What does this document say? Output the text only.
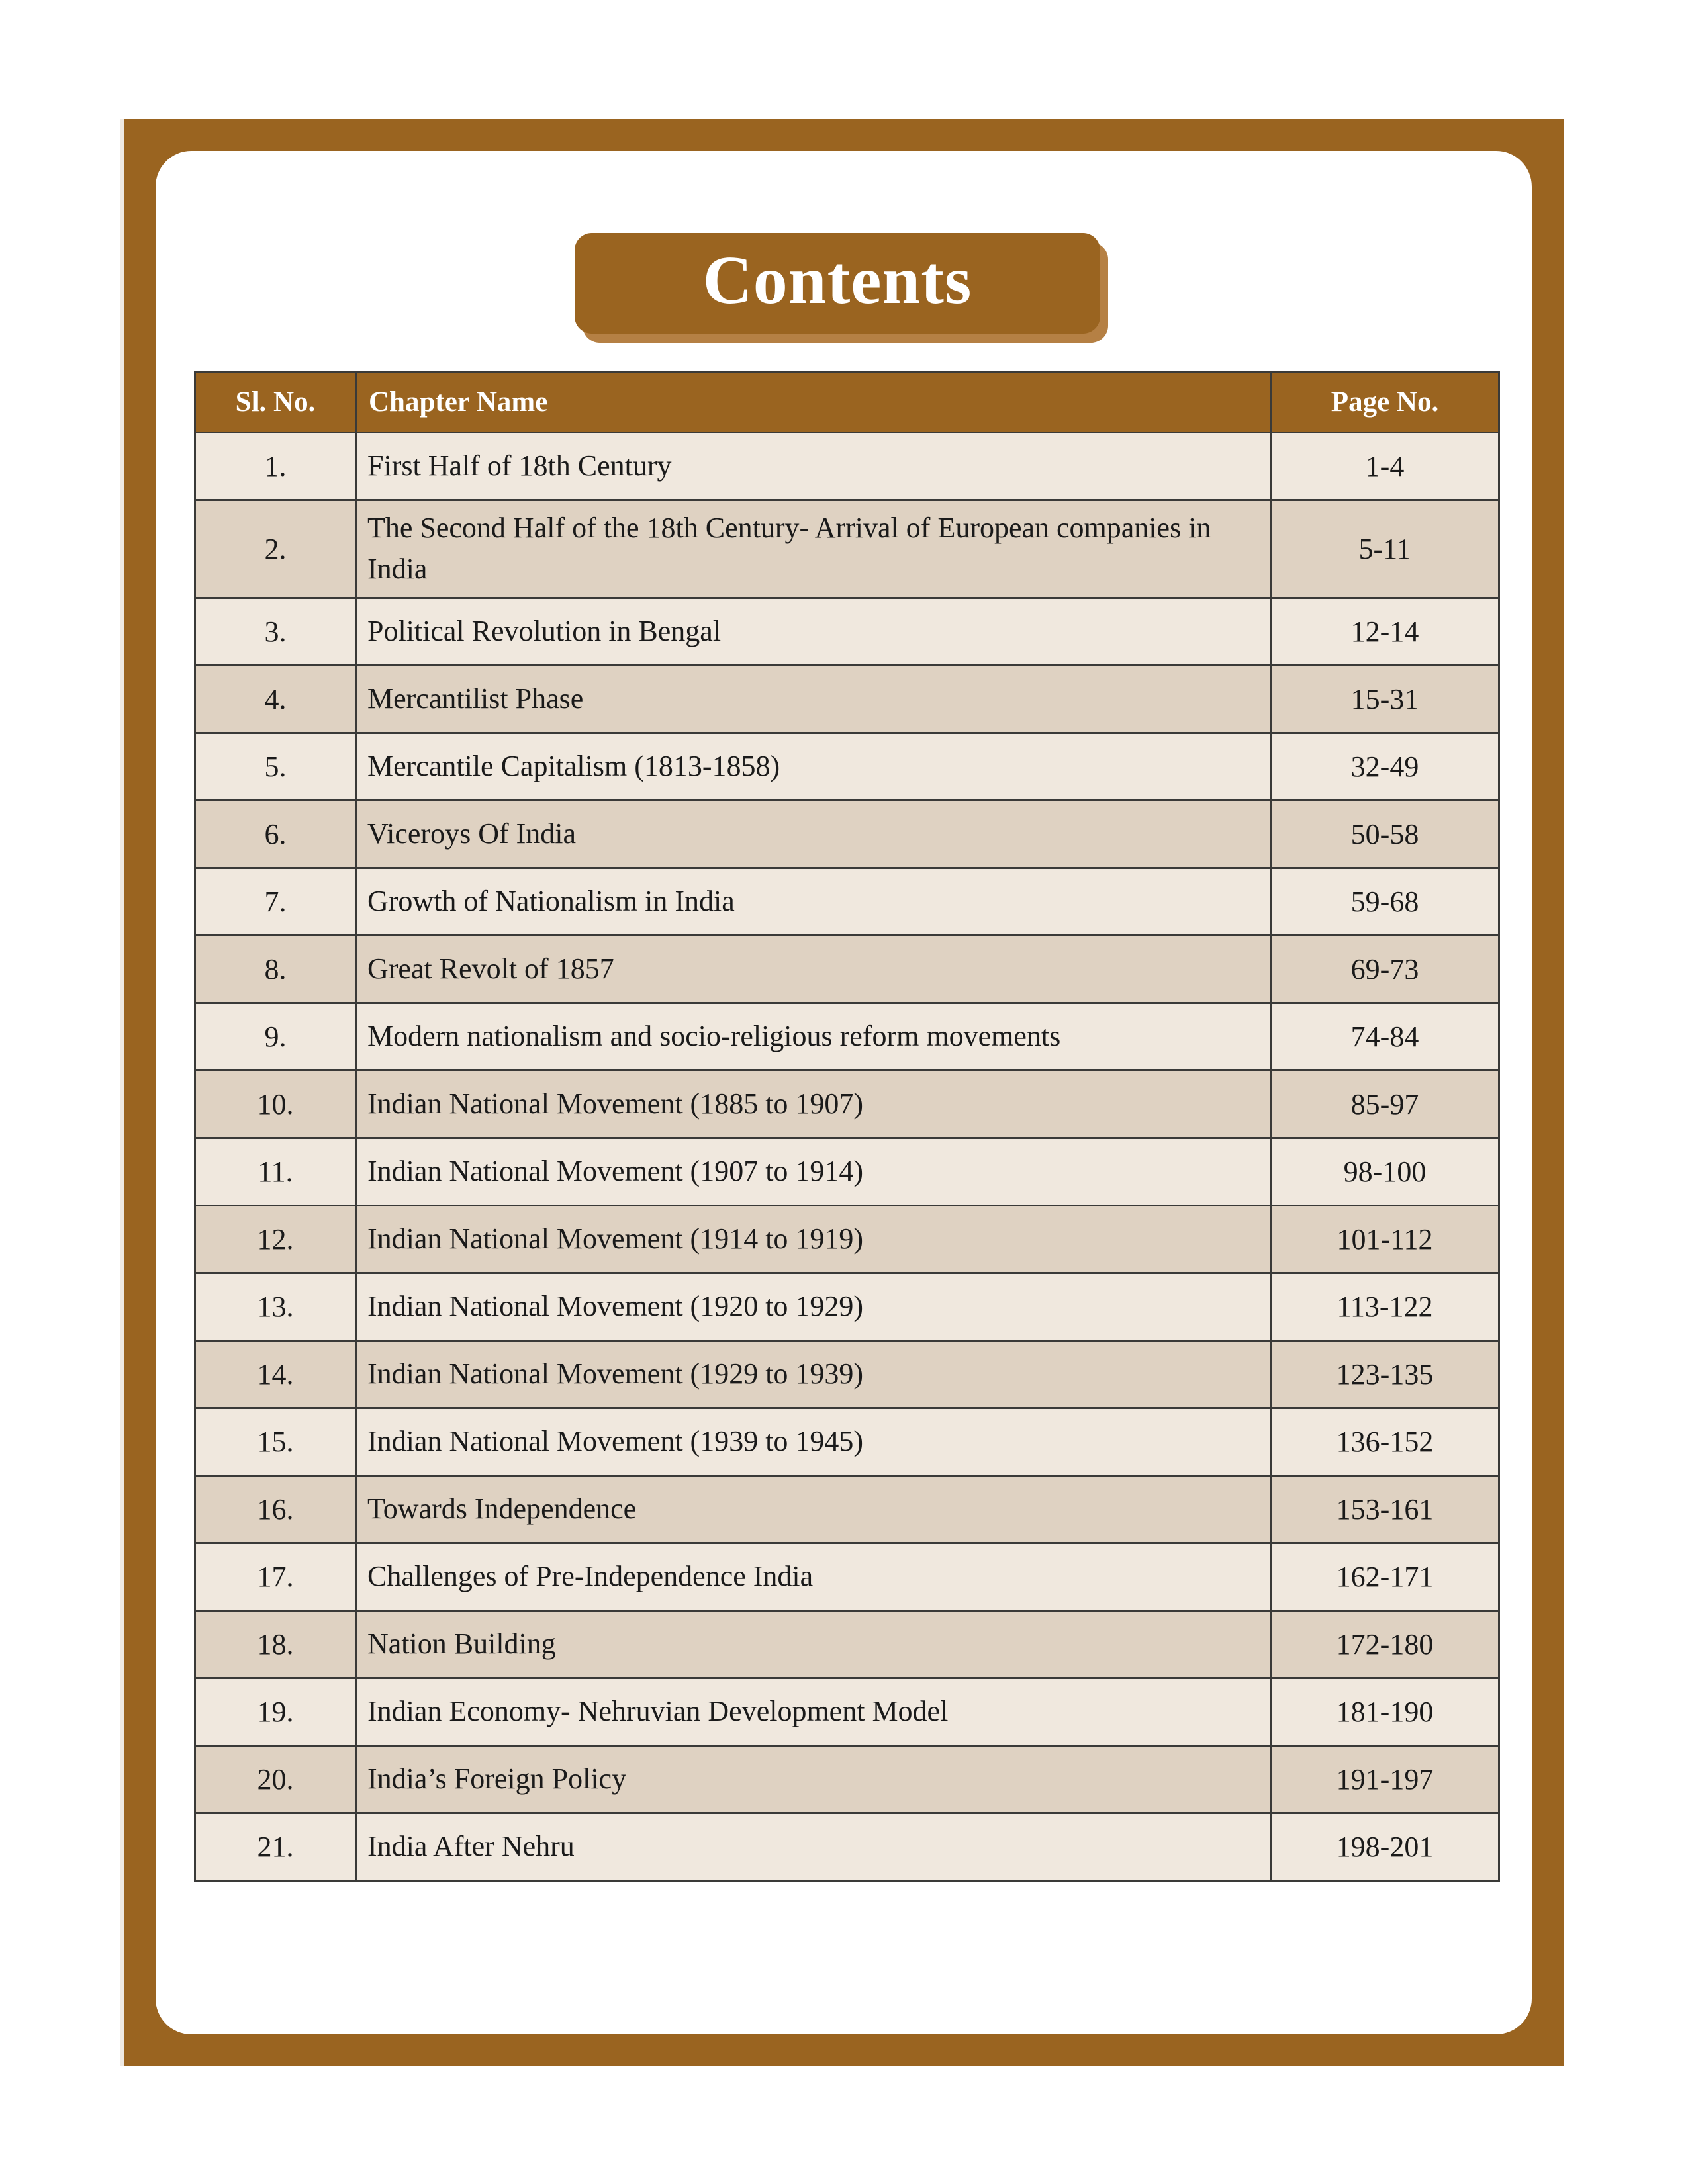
Contents
Sl. No.	Chapter Name	Page No.
1.	First Half of 18th Century	1-4
2.	The Second Half of the 18th Century- Arrival of European companies in India	5-11
3.	Political Revolution in Bengal	12-14
4.	Mercantilist Phase	15-31
5.	Mercantile Capitalism (1813-1858)	32-49
6.	Viceroys Of India	50-58
7.	Growth of Nationalism in India	59-68
8.	Great Revolt of 1857	69-73
9.	Modern nationalism and socio-religious reform movements	74-84
10.	Indian National Movement (1885 to 1907)	85-97
11.	Indian National Movement (1907 to 1914)	98-100
12.	Indian National Movement (1914 to 1919)	101-112
13.	Indian National Movement (1920 to 1929)	113-122
14.	Indian National Movement (1929 to 1939)	123-135
15.	Indian National Movement (1939 to 1945)	136-152
16.	Towards Independence	153-161
17.	Challenges of Pre-Independence India	162-171
18.	Nation Building	172-180
19.	Indian Economy- Nehruvian Development Model	181-190
20.	India’s Foreign Policy	191-197
21.	India After Nehru	198-201
